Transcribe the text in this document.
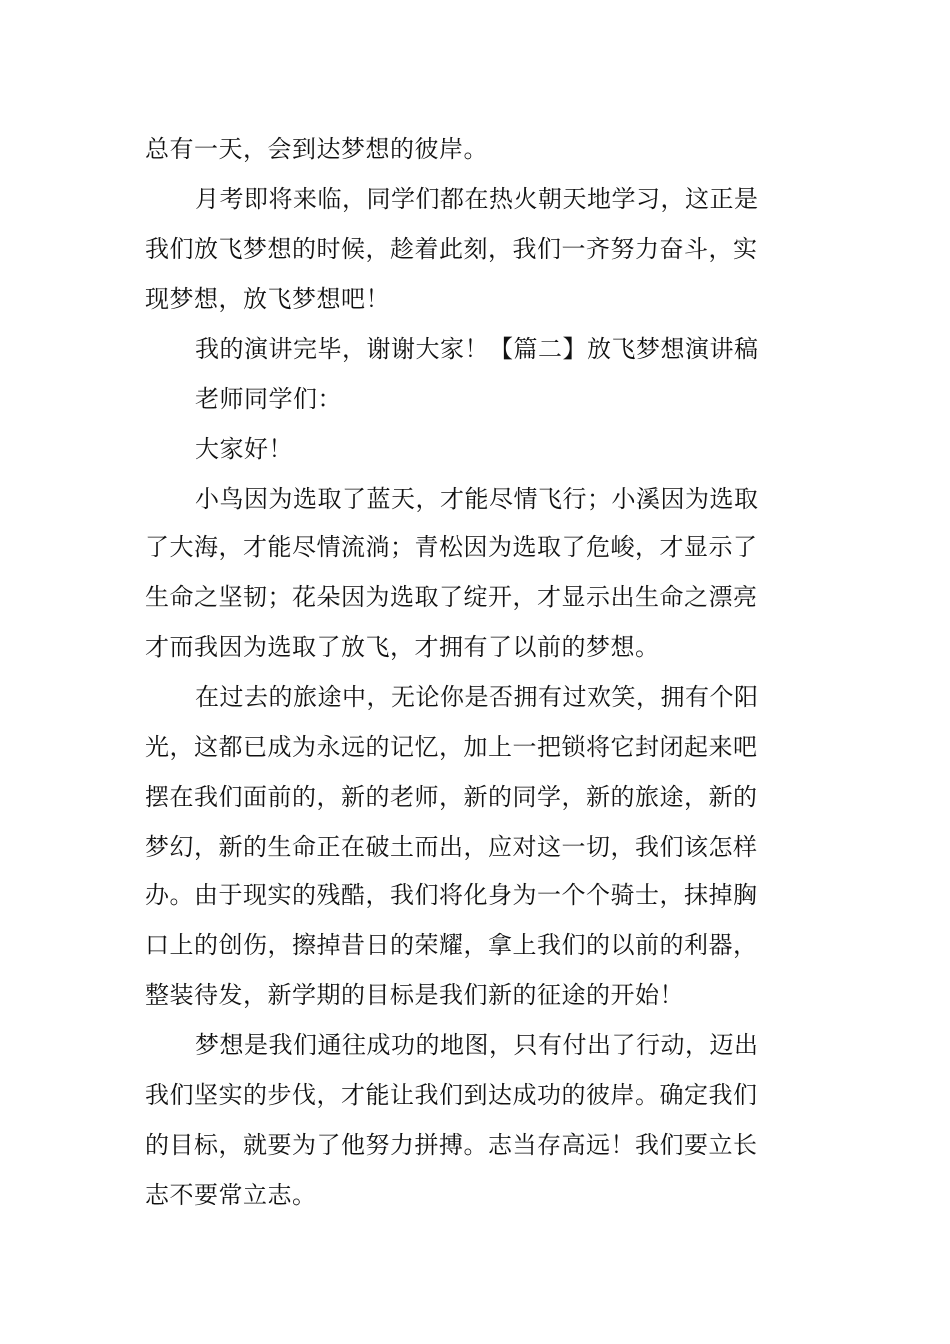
总有一天，会到达梦想的彼岸。
月考即将来临，同学们都在热火朝天地学习，这正是
我们放飞梦想的时候，趁着此刻，我们一齐努力奋斗，实
现梦想，放飞梦想吧！
我的演讲完毕，谢谢大家！【篇二】放飞梦想演讲稿
老师同学们：
大家好！
小鸟因为选取了蓝天，才能尽情飞行；小溪因为选取
了大海，才能尽情流淌；青松因为选取了危峻，才显示了
生命之坚韧；花朵因为选取了绽开，才显示出生命之漂亮
才而我因为选取了放飞，才拥有了以前的梦想。
在过去的旅途中，无论你是否拥有过欢笑，拥有个阳
光，这都已成为永远的记忆，加上一把锁将它封闭起来吧
摆在我们面前的，新的老师，新的同学，新的旅途，新的
梦幻，新的生命正在破土而出，应对这一切，我们该怎样
办。由于现实的残酷，我们将化身为一个个骑士，抹掉胸
口上的创伤，擦掉昔日的荣耀，拿上我们的以前的利器，
整装待发，新学期的目标是我们新的征途的开始！
梦想是我们通往成功的地图，只有付出了行动，迈出
我们坚实的步伐，才能让我们到达成功的彼岸。确定我们
的目标，就要为了他努力拼搏。志当存高远！我们要立长
志不要常立志。
